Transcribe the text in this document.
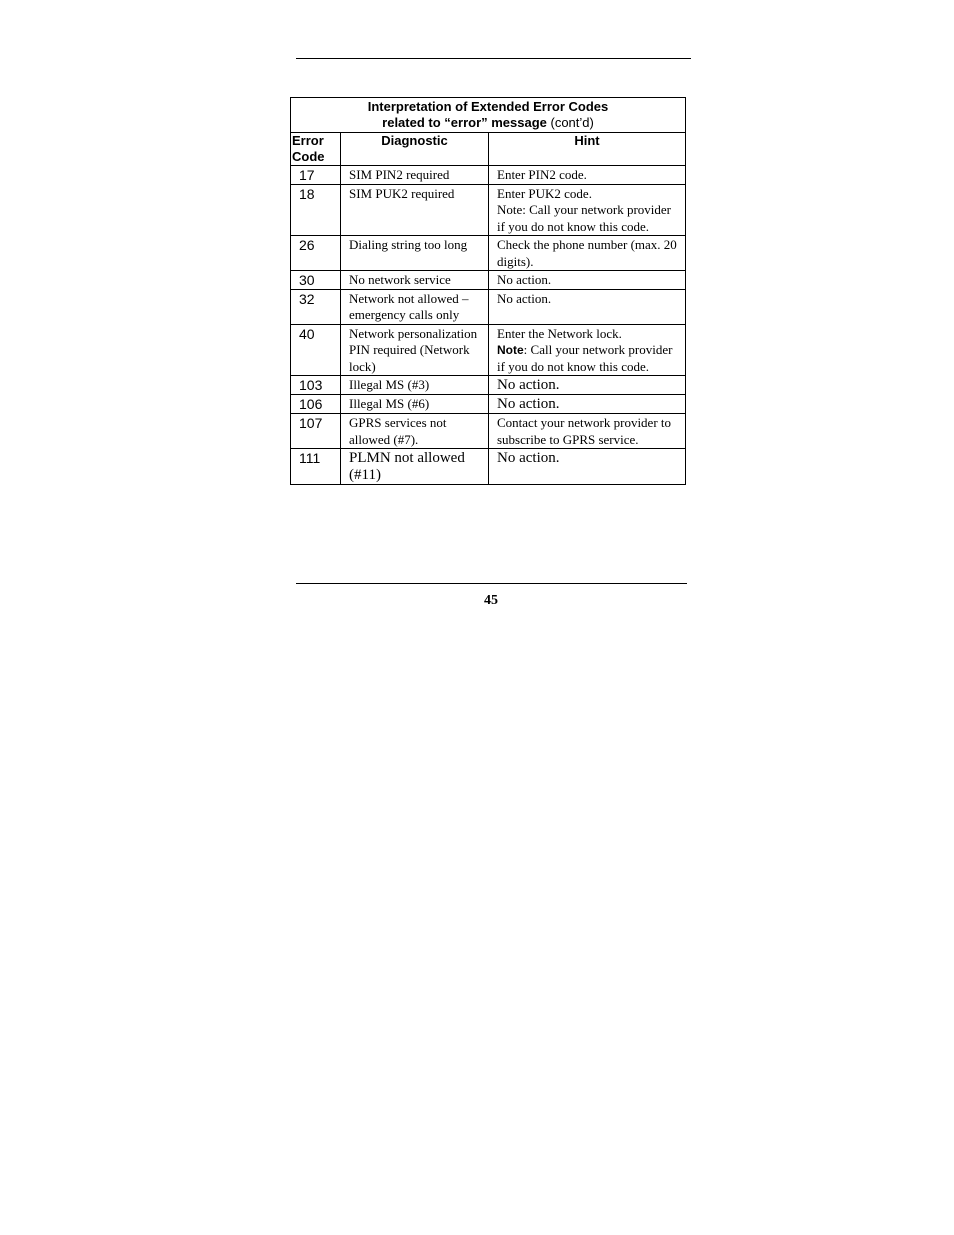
Interpretation of Extended Error Codes
related to “error” message (cont’d)		

Error
Code	Diagnostic	Hint
17	SIM PIN2 required	Enter PIN2 code.
18	SIM PUK2 required	Enter PUK2 code.
Note: Call your network provider if you do not know this code.

26	Dialing string too long	Check the phone number (max. 20 digits).
30	No network service	No action.
32	Network not allowed – emergency calls only	No action.
40	Network personalization PIN required (Network lock)	Enter the Network lock.
Note: Call your network provider if you do not know this code.

103	Illegal MS (#3)	No action.
106	Illegal MS (#6)	No action.
107	GPRS services not allowed (#7).	Contact your network provider to subscribe to GPRS service.
111	PLMN not allowed (#11)	No action.
45
